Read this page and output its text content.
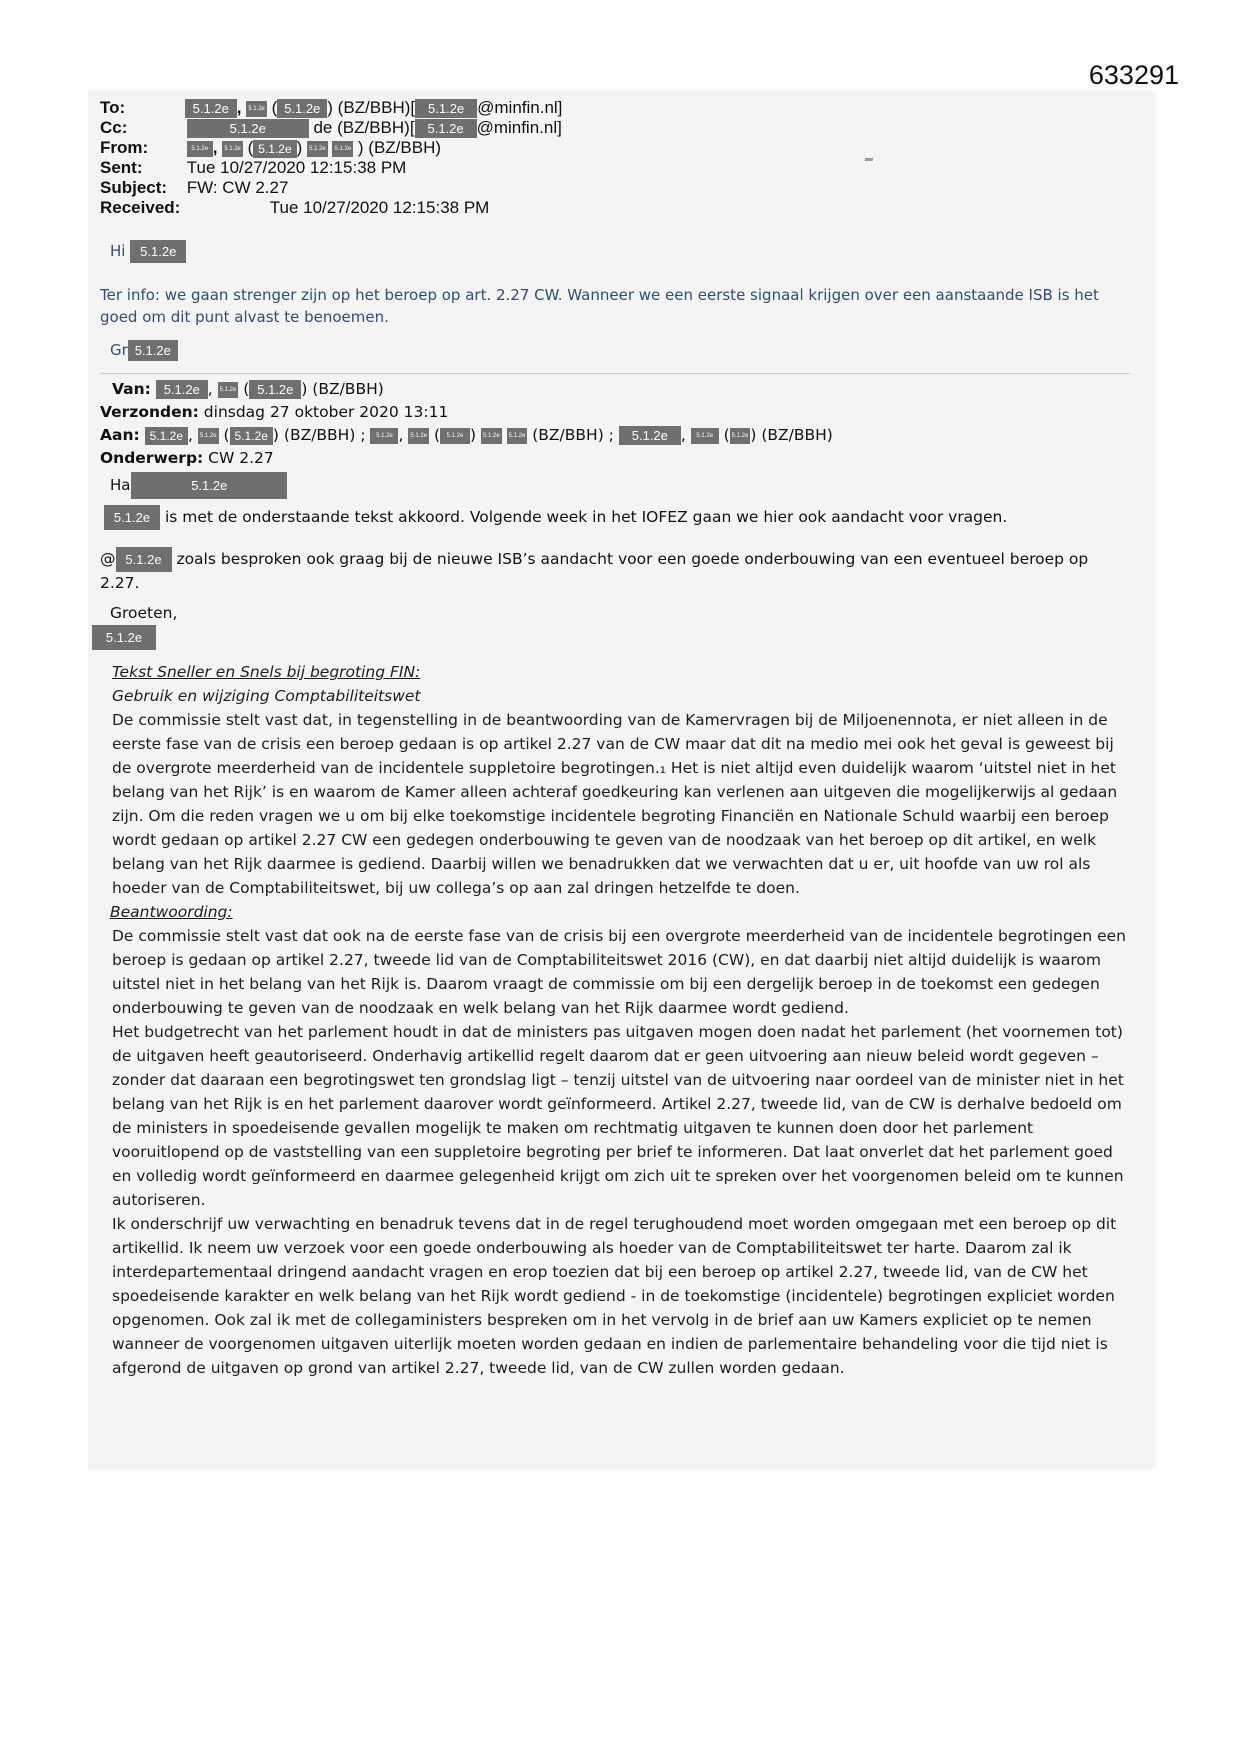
633291
To:	5.1.2e , 5.1.2e ( 5.1.2e ) (BZ/BBH)[ 5.1.2e @minfin.nl]
Cc:	5.1.2e	de (BZ/BBH)[ 5.1.2e @minfin.nl]
From:	5.1.2e , 5.1.2e ( 5.1.2e ) 5.1.2e 5.1.2e ) (BZ/BBH)
Sent:	Tue 10/27/2020 12:15:38 PM
Subject: FW: CW 2.27
Received:	Tue 10/27/2020 12:15:38 PM
Hi 5.1.2e
Ter info: we gaan strenger zijn op het beroep op art. 2.27 CW. Wanneer we een eerste signaal krijgen over een aanstaande ISB is het goed om dit punt alvast te benoemen.
Gr 5.1.2e
Van: 5.1.2e , 5.1.2e ( 5.1.2e ) (BZ/BBH)
Verzonden: dinsdag 27 oktober 2020 13:11
Aan: 5.1.2e , 5.1.2e ( 5.1.2e ) (BZ/BBH) ; 5.1.2e , 5.1.2e ( 5.1.2e ) 5.1.2e 5.1.2e (BZ/BBH) ; 5.1.2e , 5.1.2e ( 5.1.2e ) (BZ/BBH)
Onderwerp: CW 2.27
Ha	5.1.2e
5.1.2e is met de onderstaande tekst akkoord. Volgende week in het IOFEZ gaan we hier ook aandacht voor vragen.
@ 5.1.2e zoals besproken ook graag bij de nieuwe ISB’s aandacht voor een goede onderbouwing van een eventueel beroep op 2.27.
Groeten,
5.1.2e

Tekst Sneller en Snels bij begroting FIN:

Gebruik en wijziging Comptabiliteitswet

De commissie stelt vast dat, in tegenstelling in de beantwoording van de Kamervragen bij de Miljoenennota, er niet alleen in de eerste fase van de crisis een beroep gedaan is op artikel 2.27 van de CW maar dat dit na medio mei ook het geval is geweest bij de overgrote meerderheid van de incidentele suppletoire begrotingen.₁ Het is niet altijd even duidelijk waarom ‘uitstel niet in het belang van het Rijk’ is en waarom de Kamer alleen achteraf goedkeuring kan verlenen aan uitgeven die mogelijkerwijs al gedaan zijn. Om die reden vragen we u om bij elke toekomstige incidentele begroting Financiën en Nationale Schuld waarbij een beroep wordt gedaan op artikel 2.27 CW een gedegen onderbouwing te geven van de noodzaak van het beroep op dit artikel, en welk belang van het Rijk daarmee is gediend. Daarbij willen we benadrukken dat we verwachten dat u er, uit hoofde van uw rol als hoeder van de Comptabiliteitswet, bij uw collega’s op aan zal dringen hetzelfde te doen.

Beantwoording:

De commissie stelt vast dat ook na de eerste fase van de crisis bij een overgrote meerderheid van de incidentele begrotingen een beroep is gedaan op artikel 2.27, tweede lid van de Comptabiliteitswet 2016 (CW), en dat daarbij niet altijd duidelijk is waarom uitstel niet in het belang van het Rijk is. Daarom vraagt de commissie om bij een dergelijk beroep in de toekomst een gedegen onderbouwing te geven van de noodzaak en welk belang van het Rijk daarmee wordt gediend.

Het budgetrecht van het parlement houdt in dat de ministers pas uitgaven mogen doen nadat het parlement (het voornemen tot) de uitgaven heeft geautoriseerd. Onderhavig artikellid regelt daarom dat er geen uitvoering aan nieuw beleid wordt gegeven – zonder dat daaraan een begrotingswet ten grondslag ligt – tenzij uitstel van de uitvoering naar oordeel van de minister niet in het belang van het Rijk is en het parlement daarover wordt geïnformeerd. Artikel 2.27, tweede lid, van de CW is derhalve bedoeld om de ministers in spoedeisende gevallen mogelijk te maken om rechtmatig uitgaven te kunnen doen door het parlement vooruitlopend op de vaststelling van een suppletoire begroting per brief te informeren. Dat laat onverlet dat het parlement goed en volledig wordt geïnformeerd en daarmee gelegenheid krijgt om zich uit te spreken over het voorgenomen beleid om te kunnen autoriseren.

Ik onderschrijf uw verwachting en benadruk tevens dat in de regel terughoudend moet worden omgegaan met een beroep op dit artikellid. Ik neem uw verzoek voor een goede onderbouwing als hoeder van de Comptabiliteitswet ter harte. Daarom zal ik interdepartementaal dringend aandacht vragen en erop toezien dat bij een beroep op artikel 2.27, tweede lid, van de CW het spoedeisende karakter en welk belang van het Rijk wordt gediend - in de toekomstige (incidentele) begrotingen expliciet worden opgenomen. Ook zal ik met de collegaministers bespreken om in het vervolg in de brief aan uw Kamers expliciet op te nemen wanneer de voorgenomen uitgaven uiterlijk moeten worden gedaan en indien de parlementaire behandeling voor die tijd niet is afgerond de uitgaven op grond van artikel 2.27, tweede lid, van de CW zullen worden gedaan.
